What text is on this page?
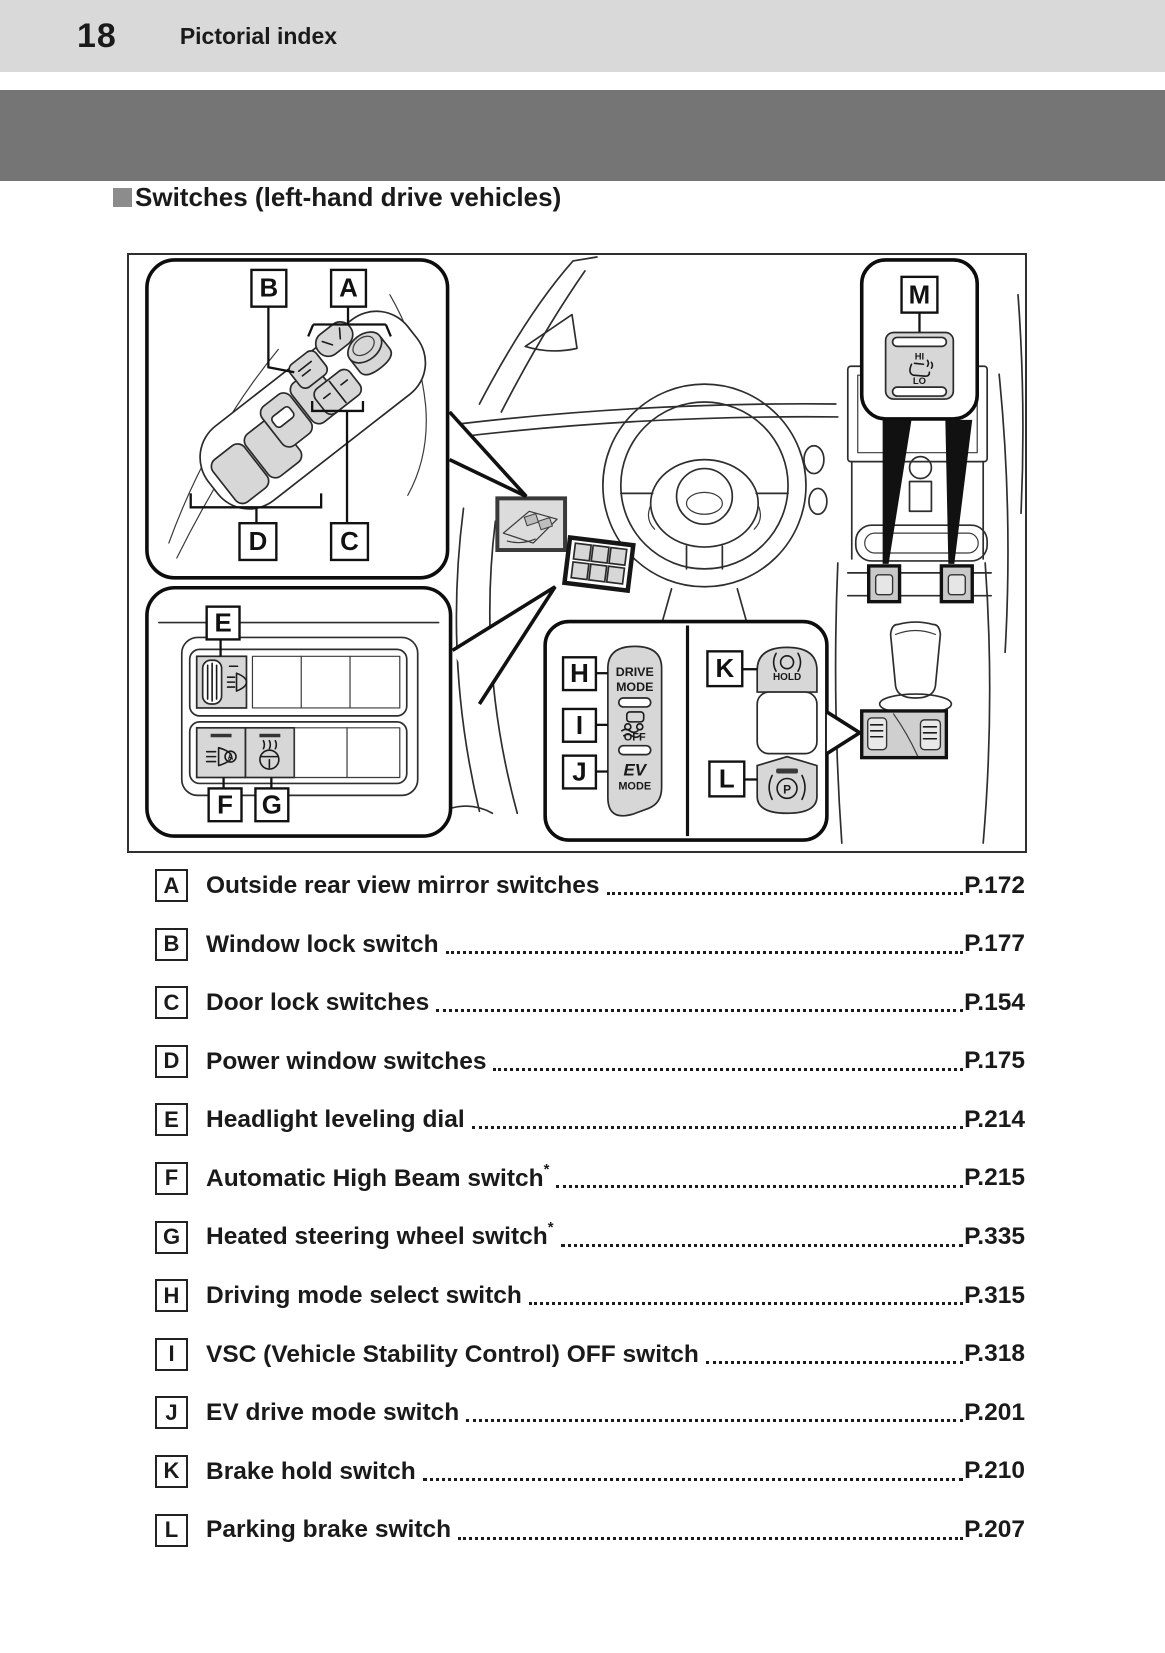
18	Pictorial index
Switches (left-hand drive vehicles)
B A
D	C
A
E
F G
DRIVE
MODE
OFF
EV
MODE
HOLD
P
H
I
J
K
L
M
HI
LO
A	Outside rear view mirror switches	P.172
B	Window lock switch	P.177
C	Door lock switches	P.154
D	Power window switches	P.175
E	Headlight leveling dial	P.214
F	Automatic High Beam switch*	P.215
G	Heated steering wheel switch*	P.335
H	Driving mode select switch	P.315
I	VSC (Vehicle Stability Control) OFF switch	P.318
J	EV drive mode switch	P.201
K	Brake hold switch	P.210
L	Parking brake switch	P.207
